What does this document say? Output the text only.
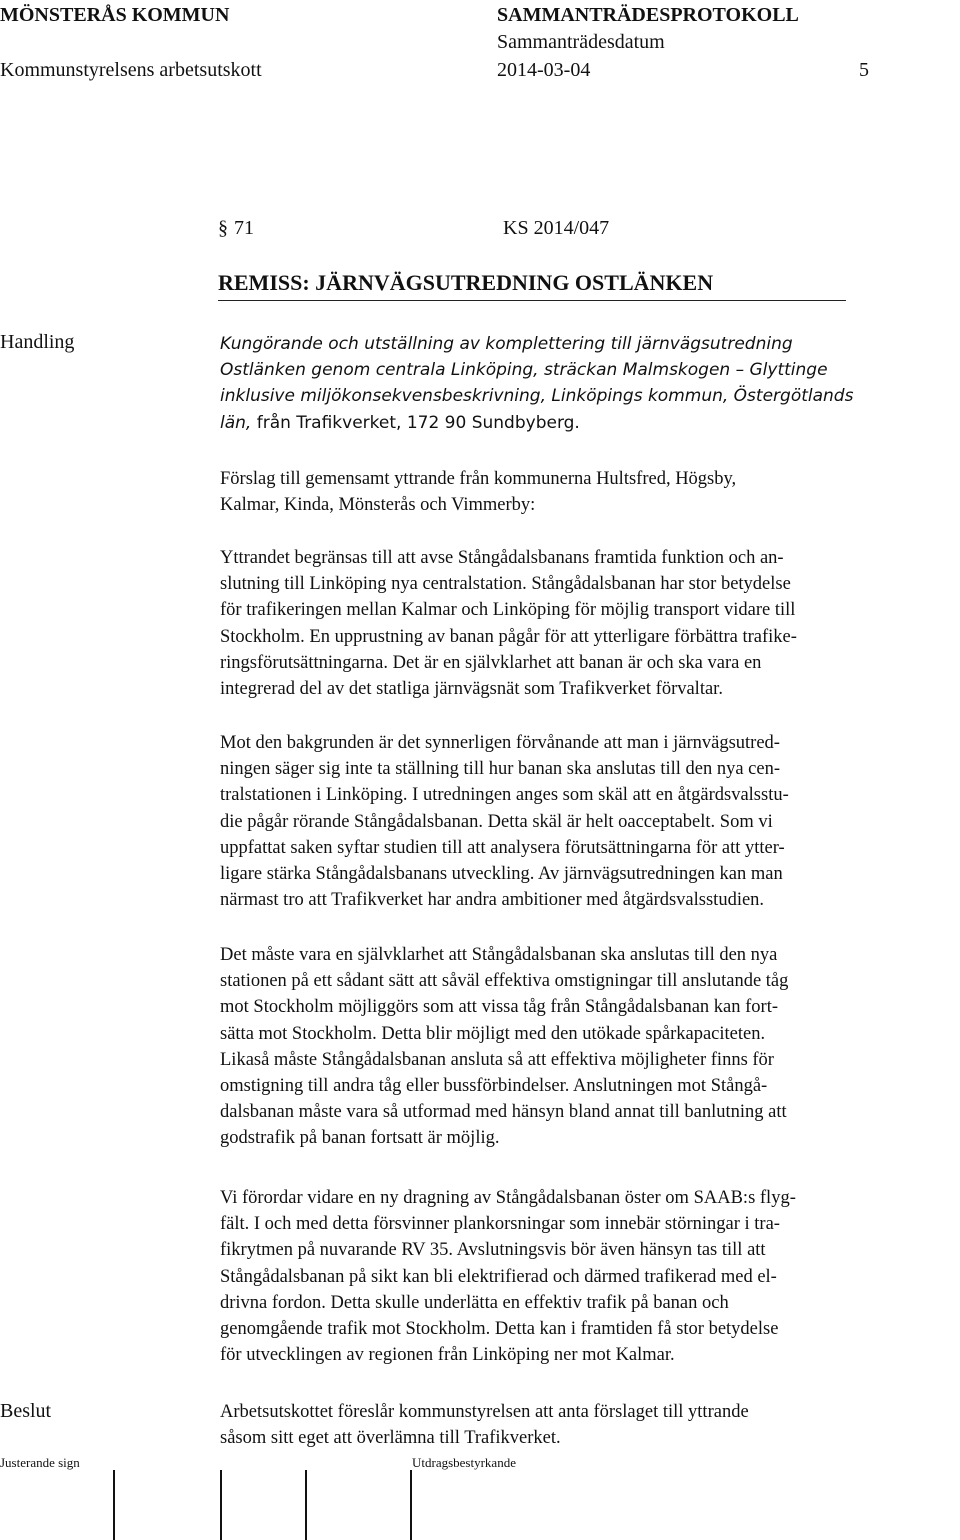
MÖNSTERÅS KOMMUN	SAMMANTRÄDESPROTOKOLL
Sammanträdesdatum
Kommunstyrelsens arbetsutskott	2014-03-04	5
§ 71	KS 2014/047
REMISS: JÄRNVÄGSUTREDNING OSTLÄNKEN
Handling	Kungörande och utställning av komplettering till järnvägsutredning
Ostlänken genom centrala Linköping, sträckan Malmskogen – Glyttinge
inklusive miljökonsekvensbeskrivning, Linköpings kommun, Östergötlands
län, från Trafikverket, 172 90 Sundbyberg.
Förslag till gemensamt yttrande från kommunerna Hultsfred, Högsby,
Kalmar, Kinda, Mönsterås och Vimmerby:
Yttrandet begränsas till att avse Stångådalsbanans framtida funktion och an-
slutning till Linköping nya centralstation. Stångådalsbanan har stor betydelse
för trafikeringen mellan Kalmar och Linköping för möjlig transport vidare till
Stockholm. En upprustning av banan pågår för att ytterligare förbättra trafike-
ringsförutsättningarna. Det är en självklarhet att banan är och ska vara en
integrerad del av det statliga järnvägsnät som Trafikverket förvaltar.
Mot den bakgrunden är det synnerligen förvånande att man i järnvägsutred-
ningen säger sig inte ta ställning till hur banan ska anslutas till den nya cen-
tralstationen i Linköping. I utredningen anges som skäl att en åtgärdsvalsstu-
die pågår rörande Stångådalsbanan. Detta skäl är helt oacceptabelt. Som vi
uppfattat saken syftar studien till att analysera förutsättningarna för att ytter-
ligare stärka Stångådalsbanans utveckling. Av järnvägsutredningen kan man
närmast tro att Trafikverket har andra ambitioner med åtgärdsvalsstudien.
Det måste vara en självklarhet att Stångådalsbanan ska anslutas till den nya
stationen på ett sådant sätt att såväl effektiva omstigningar till anslutande tåg
mot Stockholm möjliggörs som att vissa tåg från Stångådalsbanan kan fort-
sätta mot Stockholm. Detta blir möjligt med den utökade spårkapaciteten.
Likaså måste Stångådalsbanan ansluta så att effektiva möjligheter finns för
omstigning till andra tåg eller bussförbindelser. Anslutningen mot Stångå-
dalsbanan måste vara så utformad med hänsyn bland annat till banlutning att
godstrafik på banan fortsatt är möjlig.
Vi förordar vidare en ny dragning av Stångådalsbanan öster om SAAB:s flyg-
fält. I och med detta försvinner plankorsningar som innebär störningar i tra-
fikrytmen på nuvarande RV 35. Avslutningsvis bör även hänsyn tas till att
Stångådalsbanan på sikt kan bli elektrifierad och därmed trafikerad med el-
drivna fordon. Detta skulle underlätta en effektiv trafik på banan och
genomgående trafik mot Stockholm. Detta kan i framtiden få stor betydelse
för utvecklingen av regionen från Linköping ner mot Kalmar.
Beslut	Arbetsutskottet föreslår kommunstyrelsen att anta förslaget till yttrande
såsom sitt eget att överlämna till Trafikverket.
Justerande sign	Utdragsbestyrkande
